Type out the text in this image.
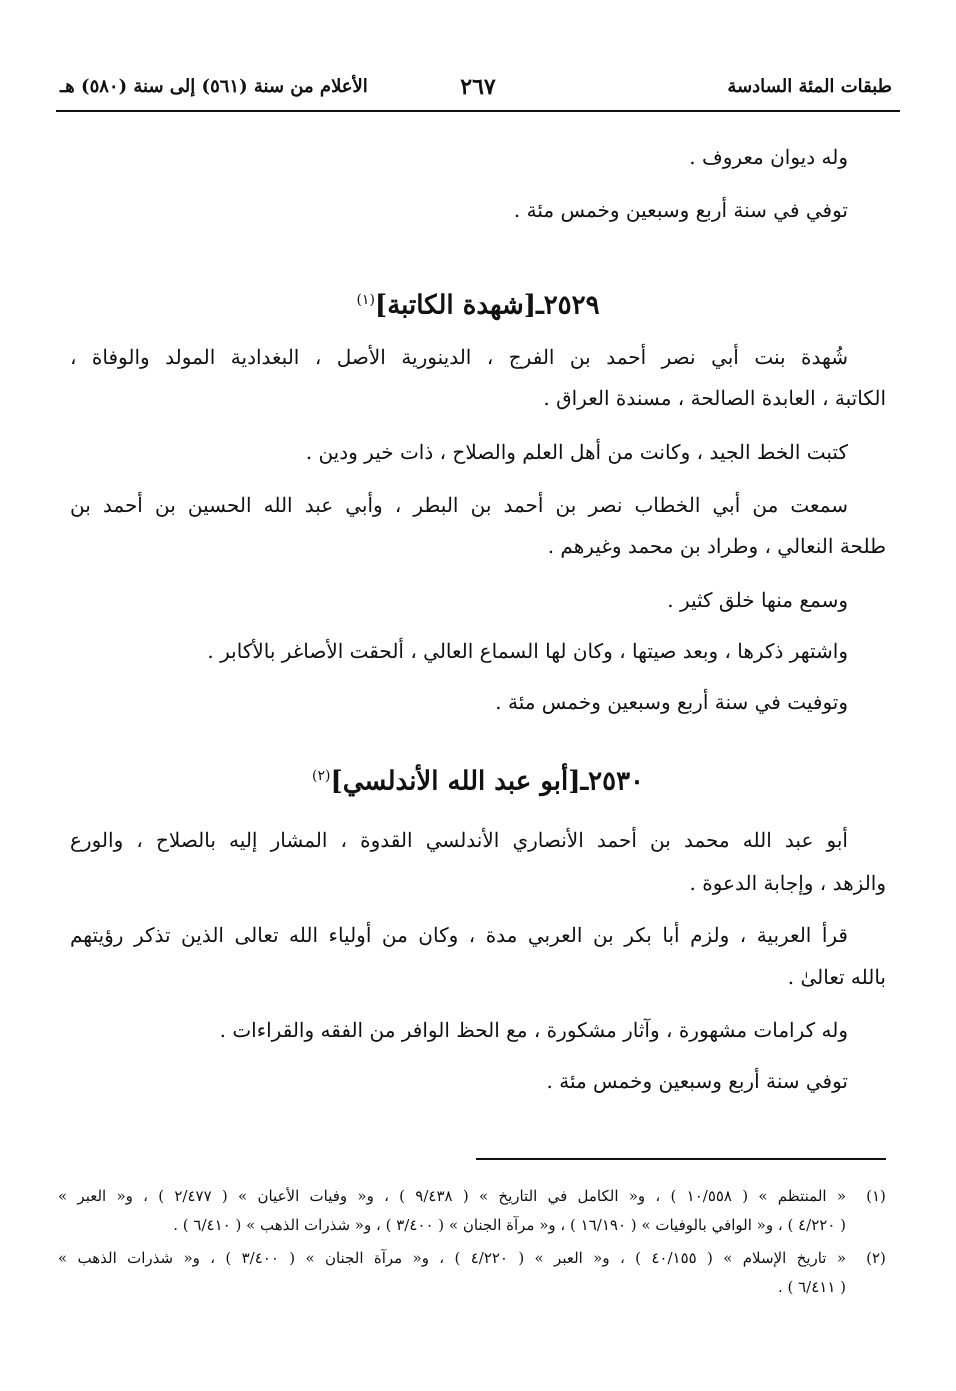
طبقات المئة السادسة
٢٦٧
الأعلام من سنة (٥٦١) إلى سنة (٥٨٠) هـ
وله ديوان معروف .
توفي في سنة أربع وسبعين وخمس مئة .
٢٥٢٩ـ[شهدة الكاتبة]$^{(١)}$
شُهدة بنت أبي نصر أحمد بن الفرج ، الدينورية الأصل ، البغدادية المولد والوفاة ،
الكاتبة ، العابدة الصالحة ، مسندة العراق .
كتبت الخط الجيد ، وكانت من أهل العلم والصلاح ، ذات خير ودين .
سمعت من أبي الخطاب نصر بن أحمد بن البطر ، وأبي عبد الله الحسين بن أحمد بن
طلحة النعالي ، وطراد بن محمد وغيرهم .
وسمع منها خلق كثير .
واشتهر ذكرها ، وبعد صيتها ، وكان لها السماع العالي ، ألحقت الأصاغر بالأكابر .
وتوفيت في سنة أربع وسبعين وخمس مئة .
٢٥٣٠ـ[أبو عبد الله الأندلسي]$^{(٢)}$
أبو عبد الله محمد بن أحمد الأنصاري الأندلسي القدوة ، المشار إليه بالصلاح ، والورع
والزهد ، وإجابة الدعوة .
قرأ العربية ، ولزم أبا بكر بن العربي مدة ، وكان من أولياء الله تعالى الذين تذكر رؤيتهم
بالله تعالىٰ .
وله كرامات مشهورة ، وآثار مشكورة ، مع الحظ الوافر من الفقه والقراءات .
توفي سنة أربع وسبعين وخمس مئة .
(١)
« المنتظم » ( ١٠/٥٥٨ ) ، و« الكامل في التاريخ » ( ٩/٤٣٨ ) ، و« وفيات الأعيان » ( ٢/٤٧٧ ) ، و« العبر »
( ٤/٢٢٠ ) ، و« الوافي بالوفيات » ( ١٦/١٩٠ ) ، و« مرآة الجنان » ( ٣/٤٠٠ ) ، و« شذرات الذهب » ( ٦/٤١٠ ) .
(٢)
« تاريخ الإسلام » ( ٤٠/١٥٥ ) ، و« العبر » ( ٤/٢٢٠ ) ، و« مرآة الجنان » ( ٣/٤٠٠ ) ، و« شذرات الذهب »
( ٦/٤١١ ) .
